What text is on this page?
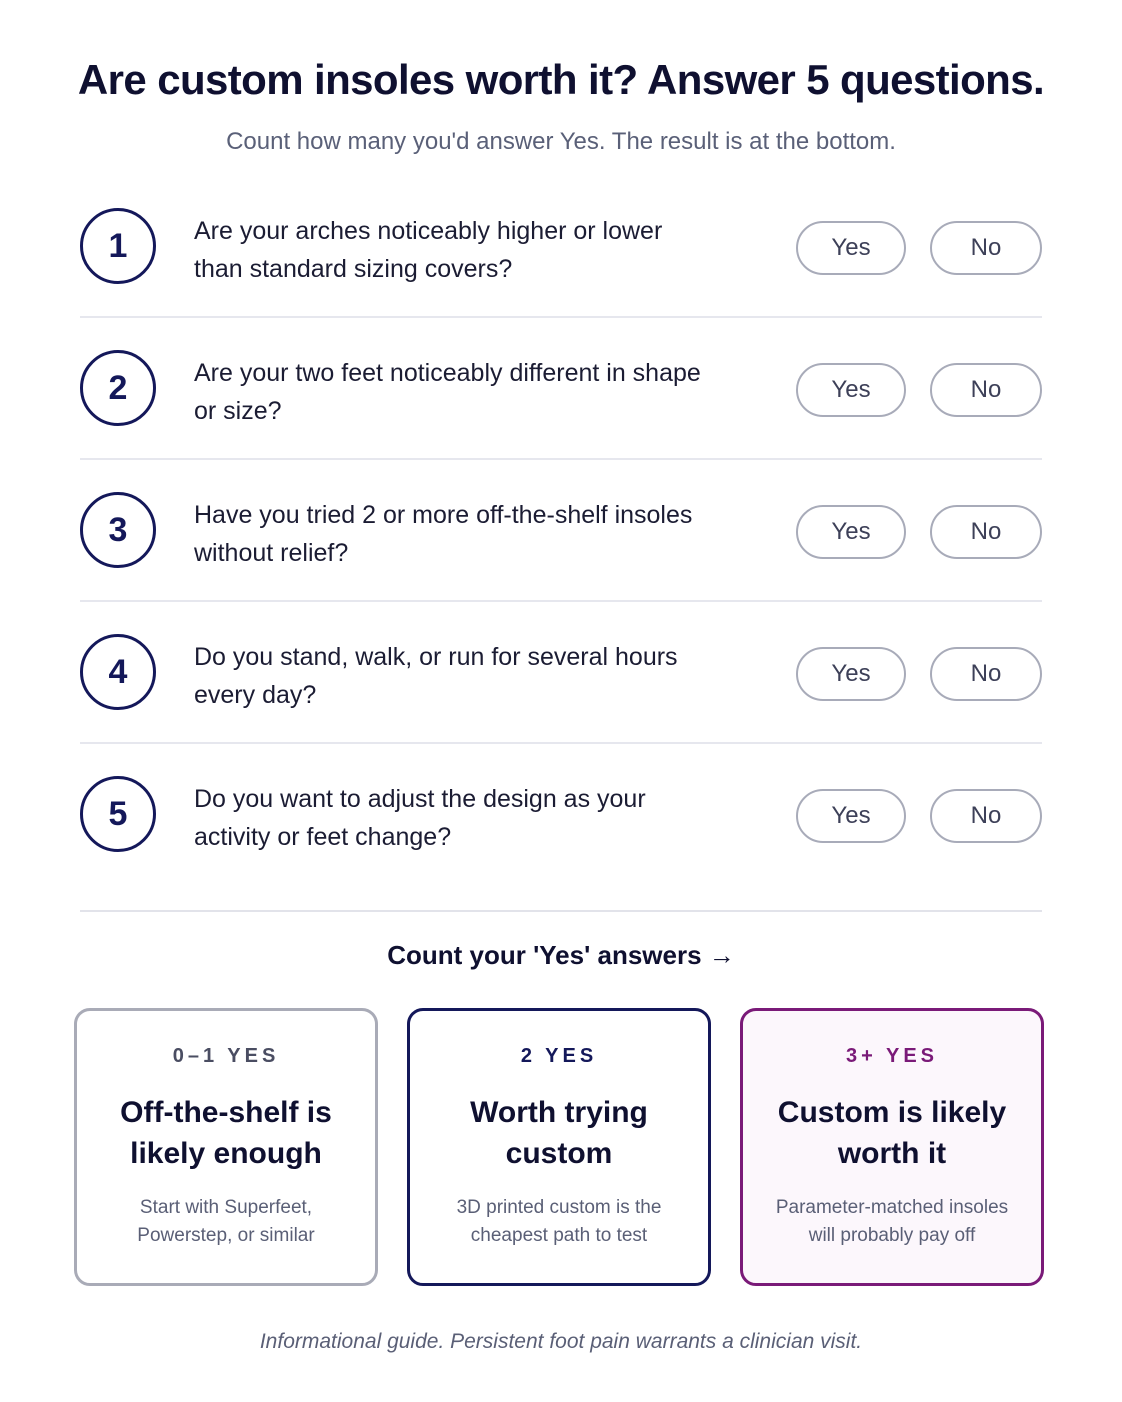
Are custom insoles worth it? Answer 5 questions.

Count how many you'd answer Yes. The result is at the bottom.

1	Are your arches noticeably higher or lower than standard sizing covers?
Yes	No
2	Are your two feet noticeably different in shape or size?
Yes	No
3	Have you tried 2 or more off-the-shelf insoles without relief?
Yes	No
4	Do you stand, walk, or run for several hours every day?
Yes	No
5	Do you want to adjust the design as your activity or feet change?
Yes	No
Count your 'Yes' answers →
0–1 YES
Off-the-shelf is likely enough
Start with Superfeet, Powerstep, or similar
2 YES
Worth trying custom
3D printed custom is the cheapest path to test
3+ YES
Custom is likely worth it
Parameter-matched insoles will probably pay off

Informational guide. Persistent foot pain warrants a clinician visit.
